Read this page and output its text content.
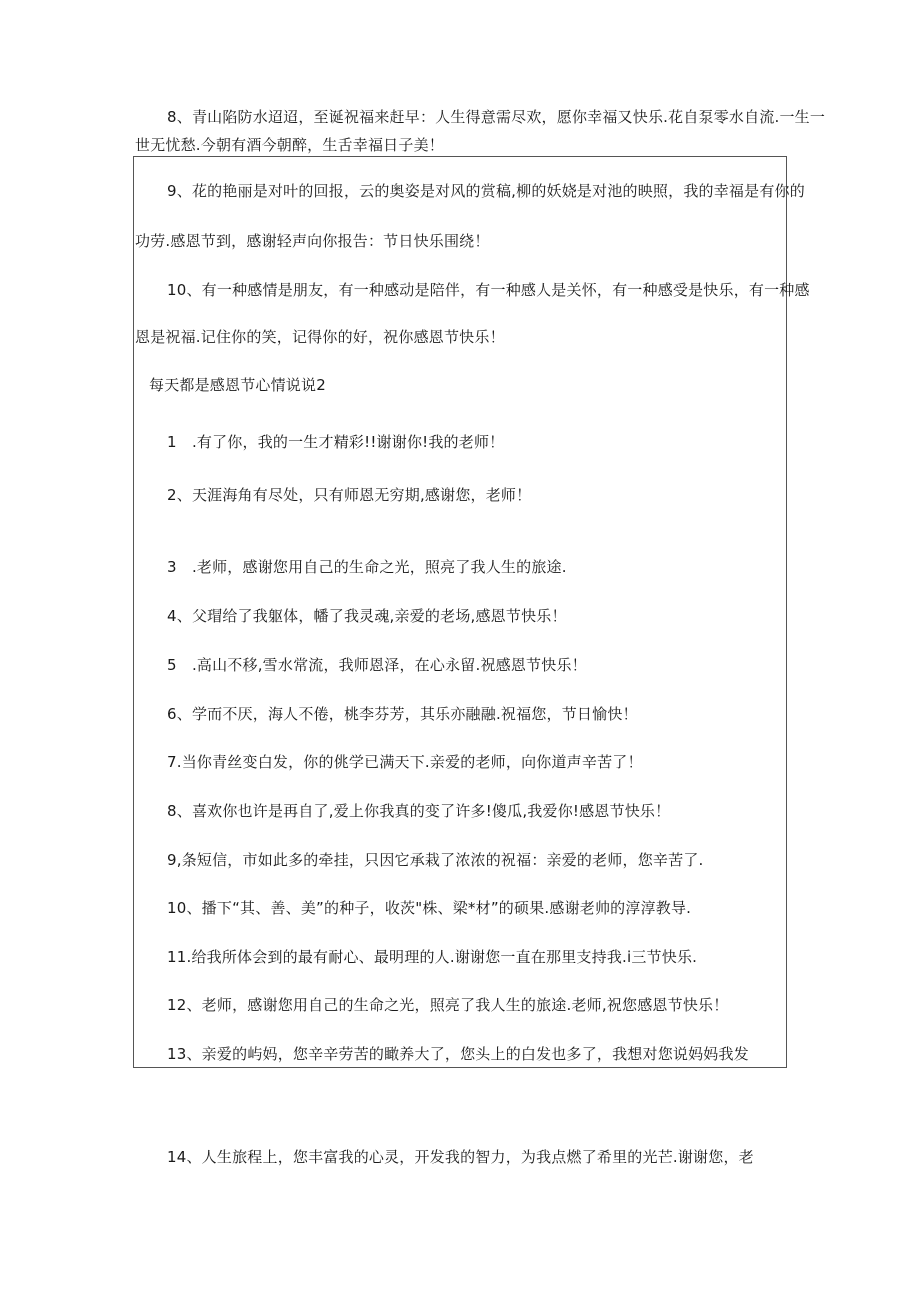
8、青山陷防水迢迢，至诞祝福来赶早：人生得意需尽欢，愿你幸福又快乐.花自泵零水自流.一生一
世无忧愁.今朝有酒今朝醉，生舌幸福日子美！
9、花的艳丽是对叶的回报，云的奥姿是对风的赏稿,柳的妖娆是对池的映照，我的幸福是有你的
功劳.感恩节到，感谢轻声向你报告：节日快乐围绕！
10、有一种感情是朋友，有一种感动是陪伴，有一种感人是关怀，有一种感受是快乐，有一种感
恩是祝福.记住你的笑，记得你的好，祝你感恩节快乐！
每天都是感恩节心情说说2
1　.有了你，我的一生才精彩!!谢谢你!我的老师！
2、天涯海角有尽处，只有师恩无穷期,感谢您，老师！
3　.老师，感谢您用自己的生命之光，照亮了我人生的旅途.
4、父瑁给了我躯体，幡了我灵魂,亲爱的老场,感恩节快乐！
5　.高山不移,雪水常流，我师恩泽，在心永留.祝感恩节快乐！
6、学而不厌，海人不倦，桃李芬芳，其乐亦融融.祝福您，节日愉快！
7.当你青丝变白发，你的佻学已满天下.亲爱的老师，向你道声辛苦了！
8、喜欢你也许是再自了,爱上你我真的变了许多!傻瓜,我爱你!感恩节快乐！
9,条短信，市如此多的牵挂，只因它承栽了浓浓的祝福：亲爱的老师，您辛苦了.
10、播下“其、善、美”的种子，收茨"株、梁*材”的硕果.感谢老帅的淳淳教导.
11.给我所体会到的最有耐心、最明理的人.谢谢您一直在那里支持我.i三节快乐.
12、老师，感谢您用自己的生命之光，照亮了我人生的旅途.老师,祝您感恩节快乐！
13、亲爱的屿妈，您辛辛劳苦的瞰养大了，您头上的白发也多了，我想对您说妈妈我发
14、人生旅程上，您丰富我的心灵，开发我的智力，为我点燃了希里的光芒.谢谢您，老
